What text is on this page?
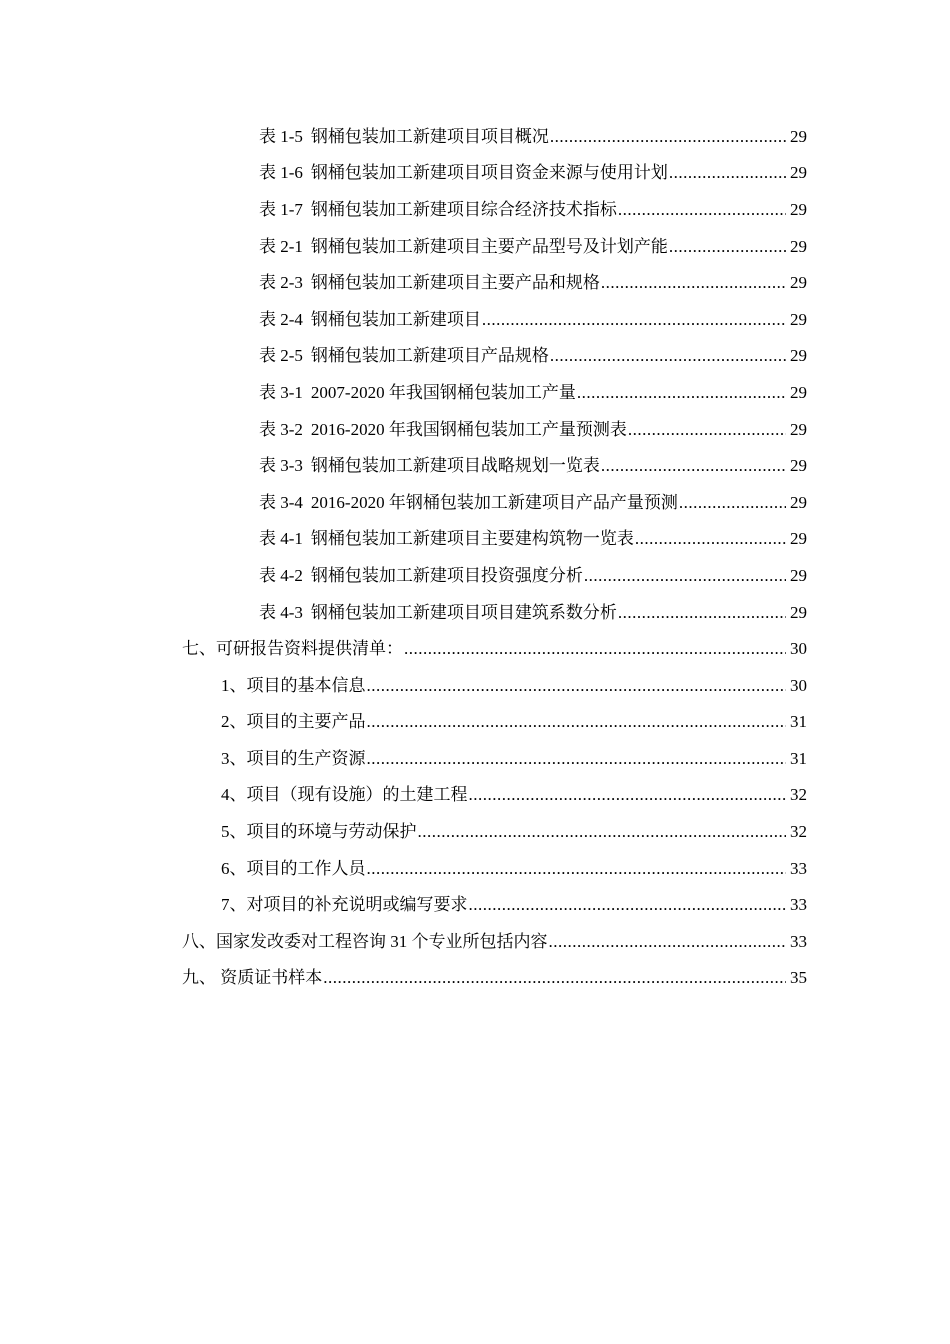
表 1-5 钢桶包装加工新建项目项目概况 .....	29
表 1-6 钢桶包装加工新建项目项目资金来源与使用计划 .....	29
表 1-7 钢桶包装加工新建项目综合经济技术指标 .....	29
表 2-1 钢桶包装加工新建项目主要产品型号及计划产能 .....	29
表 2-3 钢桶包装加工新建项目主要产品和规格 .....	29
表 2-4 钢桶包装加工新建项目 .....	29
表 2-5 钢桶包装加工新建项目产品规格 .....	29
表 3-1 2007-2020 年我国钢桶包装加工产量 .....	29
表 3-2 2016-2020 年我国钢桶包装加工产量预测表 .....	29
表 3-3 钢桶包装加工新建项目战略规划一览表 .....	29
表 3-4 2016-2020 年钢桶包装加工新建项目产品产量预测 .....	29
表 4-1 钢桶包装加工新建项目主要建构筑物一览表 .....	29
表 4-2 钢桶包装加工新建项目投资强度分析 .....	29
表 4-3 钢桶包装加工新建项目项目建筑系数分析 .....	29
七、可研报告资料提供清单： .....	30
1、项目的基本信息 .....	30
2、项目的主要产品 .....	31
3、项目的生产资源 .....	31
4、项目（现有设施）的土建工程 .....	32
5、项目的环境与劳动保护 .....	32
6、项目的工作人员 .....	33
7、对项目的补充说明或编写要求 .....	33
八、国家发改委对工程咨询 31 个专业所包括内容 .....	33
九、 资质证书样本 .....	35
